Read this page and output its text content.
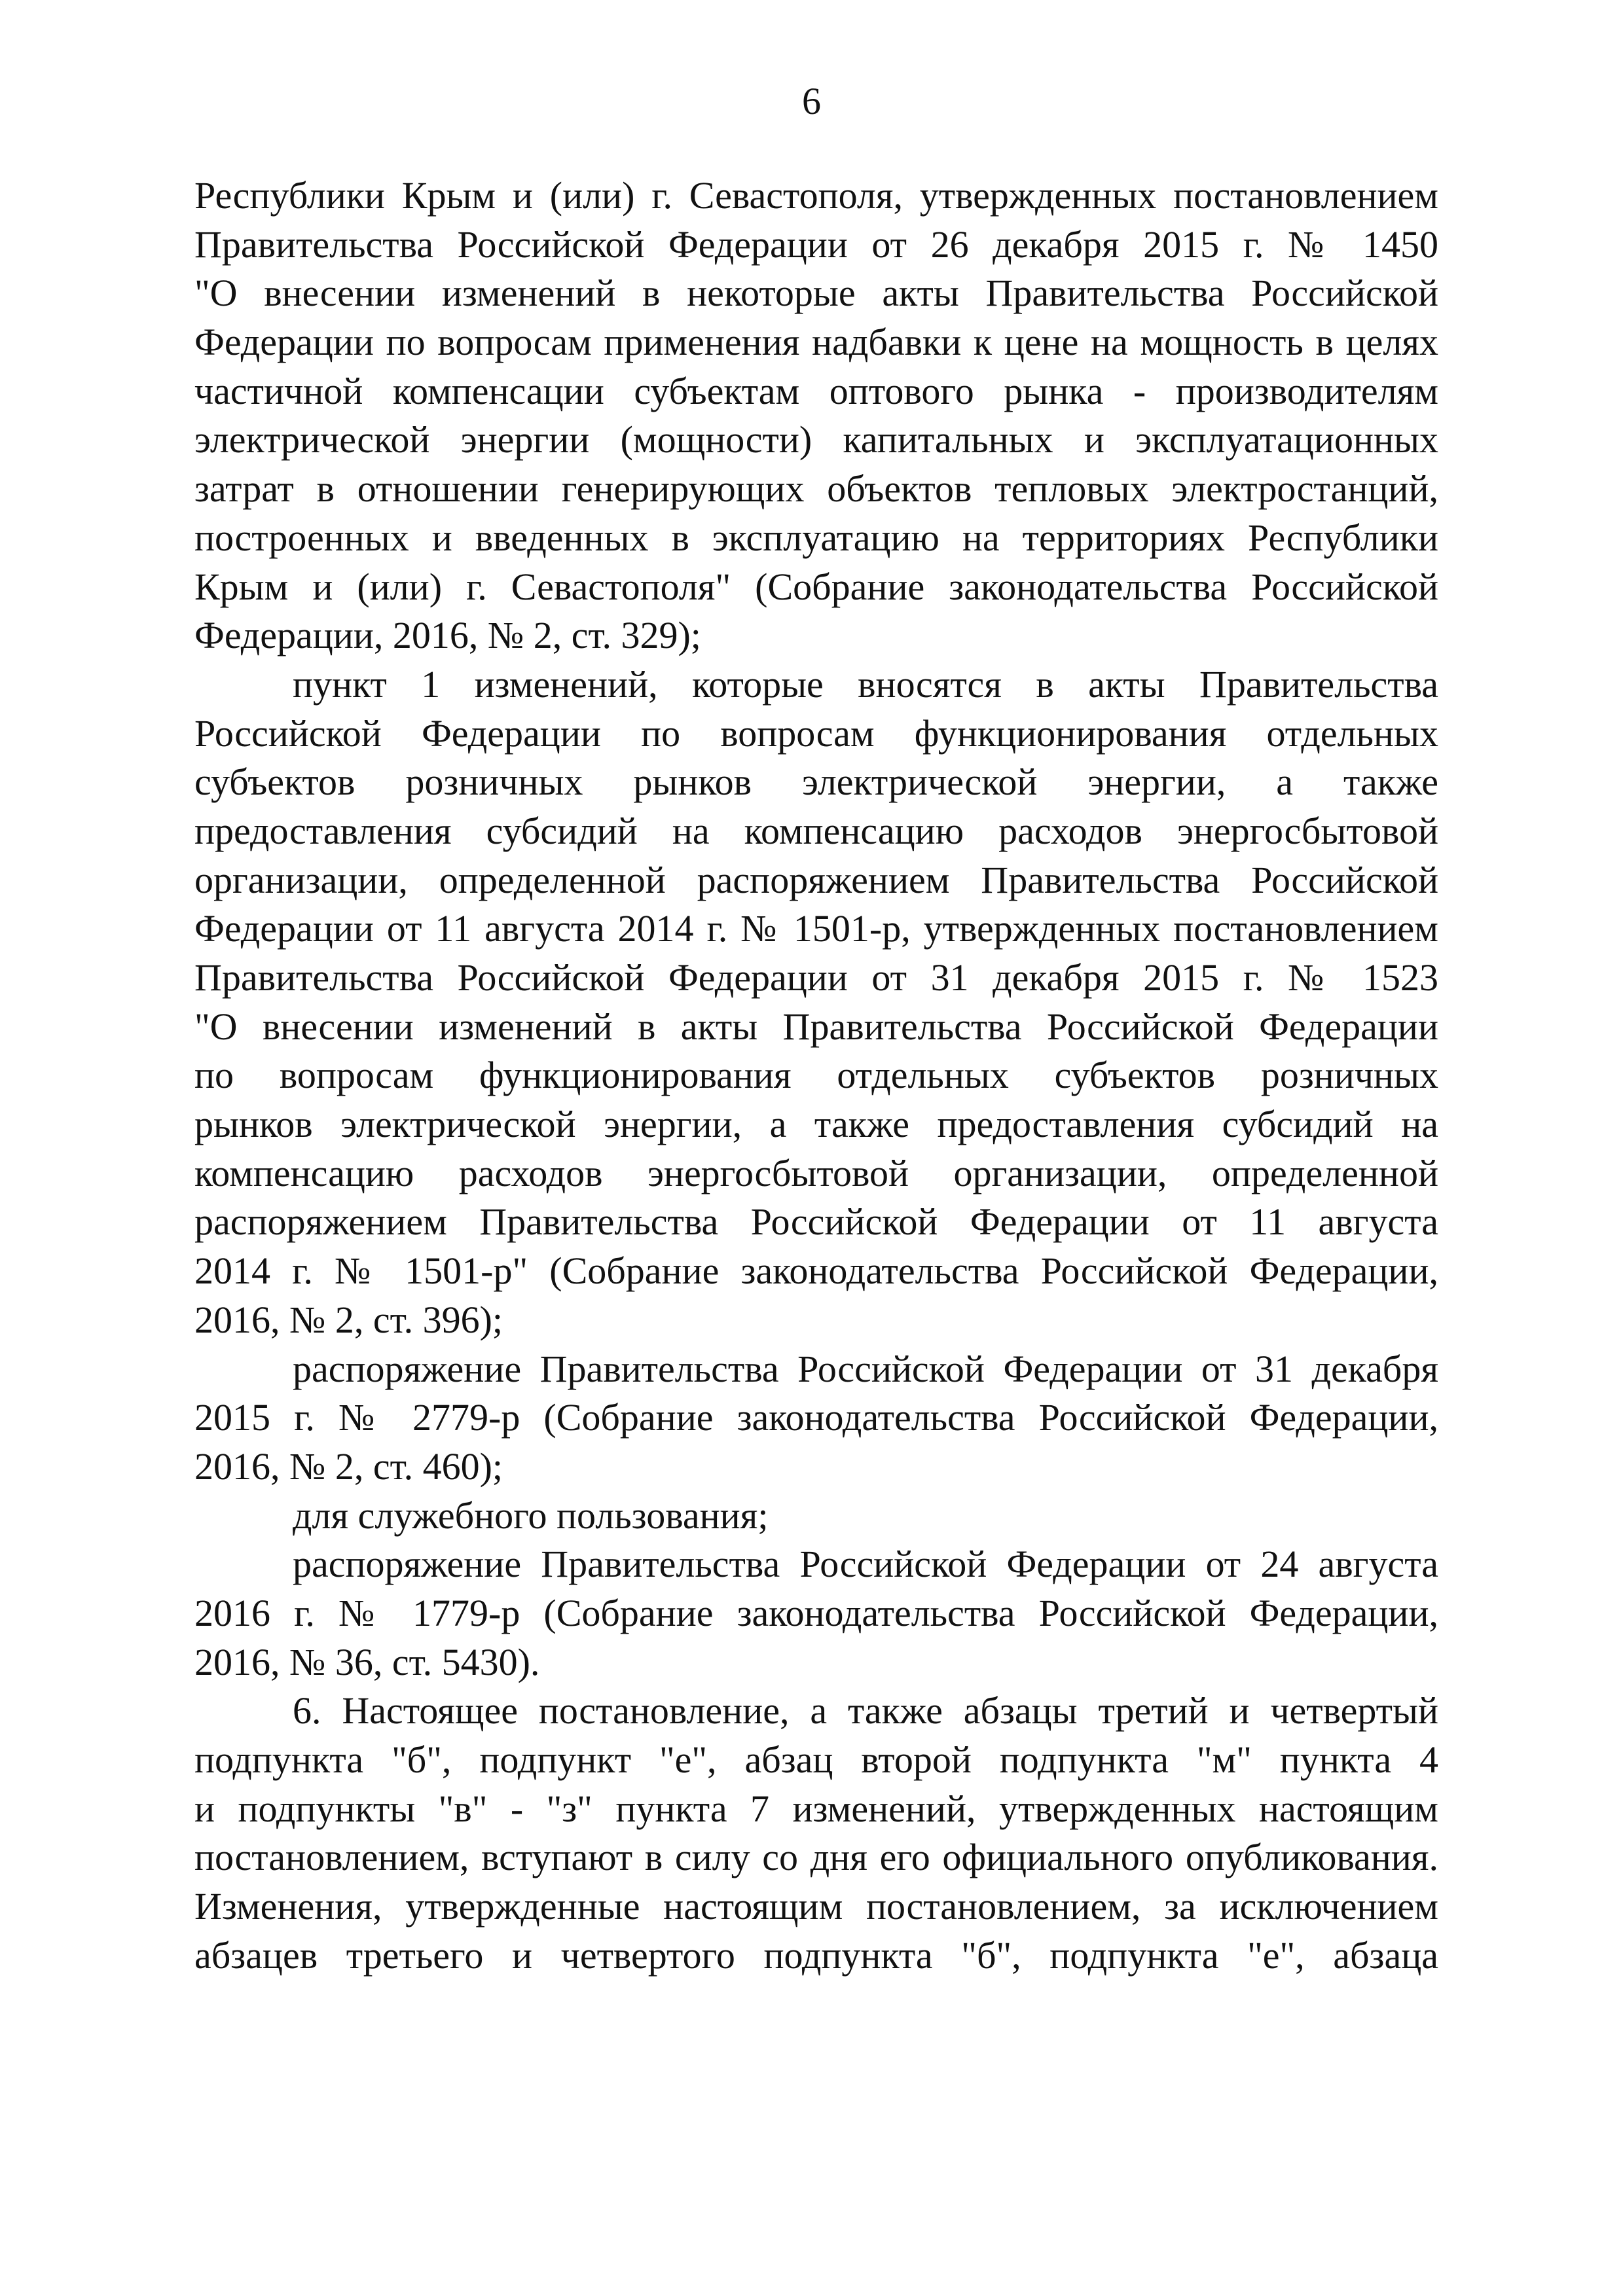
6
Республики Крым и (или) г. Севастополя, утвержденных постановлением
Правительства Российской Федерации от 26 декабря 2015 г. № 1450
"О внесении изменений в некоторые акты Правительства Российской
Федерации по вопросам применения надбавки к цене на мощность в целях
частичной компенсации субъектам оптового рынка - производителям
электрической энергии (мощности) капитальных и эксплуатационных
затрат в отношении генерирующих объектов тепловых электростанций,
построенных и введенных в эксплуатацию на территориях Республики
Крым и (или) г. Севастополя" (Собрание законодательства Российской
Федерации, 2016, № 2, ст. 329);
пункт 1 изменений, которые вносятся в акты Правительства
Российской Федерации по вопросам функционирования отдельных
субъектов розничных рынков электрической энергии, а также
предоставления субсидий на компенсацию расходов энергосбытовой
организации, определенной распоряжением Правительства Российской
Федерации от 11 августа 2014 г. № 1501-р, утвержденных постановлением
Правительства Российской Федерации от 31 декабря 2015 г. № 1523
"О внесении изменений в акты Правительства Российской Федерации
по вопросам функционирования отдельных субъектов розничных
рынков электрической энергии, а также предоставления субсидий на
компенсацию расходов энергосбытовой организации, определенной
распоряжением Правительства Российской Федерации от 11 августа
2014 г. № 1501-р" (Собрание законодательства Российской Федерации,
2016, № 2, ст. 396);
распоряжение Правительства Российской Федерации от 31 декабря
2015 г. № 2779-р (Собрание законодательства Российской Федерации,
2016, № 2, ст. 460);
для служебного пользования;
распоряжение Правительства Российской Федерации от 24 августа
2016 г. № 1779-р (Собрание законодательства Российской Федерации,
2016, № 36, ст. 5430).
6. Настоящее постановление, а также абзацы третий и четвертый
подпункта "б", подпункт "е", абзац второй подпункта "м" пункта 4
и подпункты "в" - "з" пункта 7 изменений, утвержденных настоящим
постановлением, вступают в силу со дня его официального опубликования.
Изменения, утвержденные настоящим постановлением, за исключением
абзацев третьего и четвертого подпункта "б", подпункта "е", абзаца
